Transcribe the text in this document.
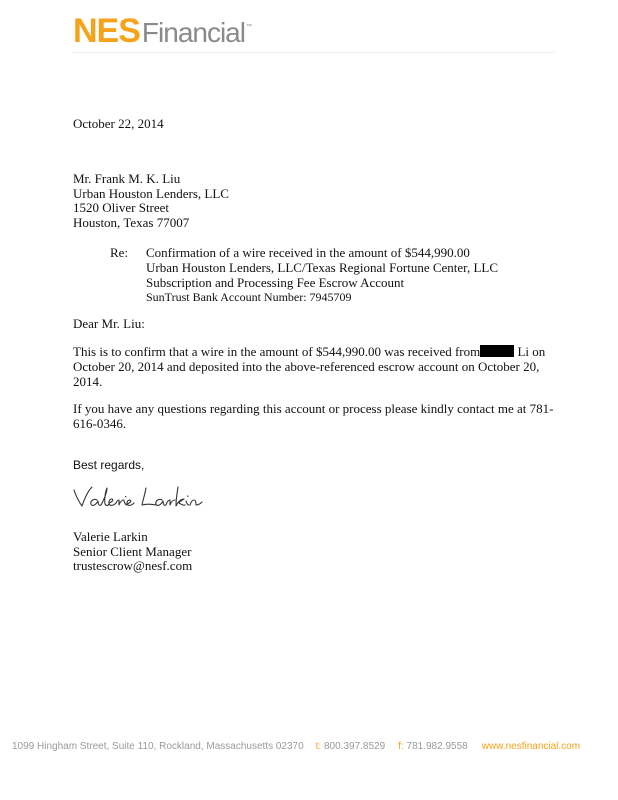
NES Financial ™
October 22, 2014
Mr. Frank M. K. Liu
Urban Houston Lenders, LLC
1520 Oliver Street
Houston, Texas 77007
Re: Confirmation of a wire received in the amount of $544,990.00
Urban Houston Lenders, LLC/Texas Regional Fortune Center, LLC
Subscription and Processing Fee Escrow Account
SunTrust Bank Account Number: 7945709
Dear Mr. Liu:
This is to confirm that a wire in the amount of $544,990.00 was received from	Li on October 20, 2014 and deposited into the above-referenced escrow account on October 20, 2014.
If you have any questions regarding this account or process please kindly contact me at 781-616-0346.
Best regards,
Valerie Larkin
Senior Client Manager
trustescrow@nesf.com
1099 Hingham Street, Suite 110, Rockland, Massachusetts 02370 t: 800.397.8529 f: 781.982.9558 www.nesfinancial.com
